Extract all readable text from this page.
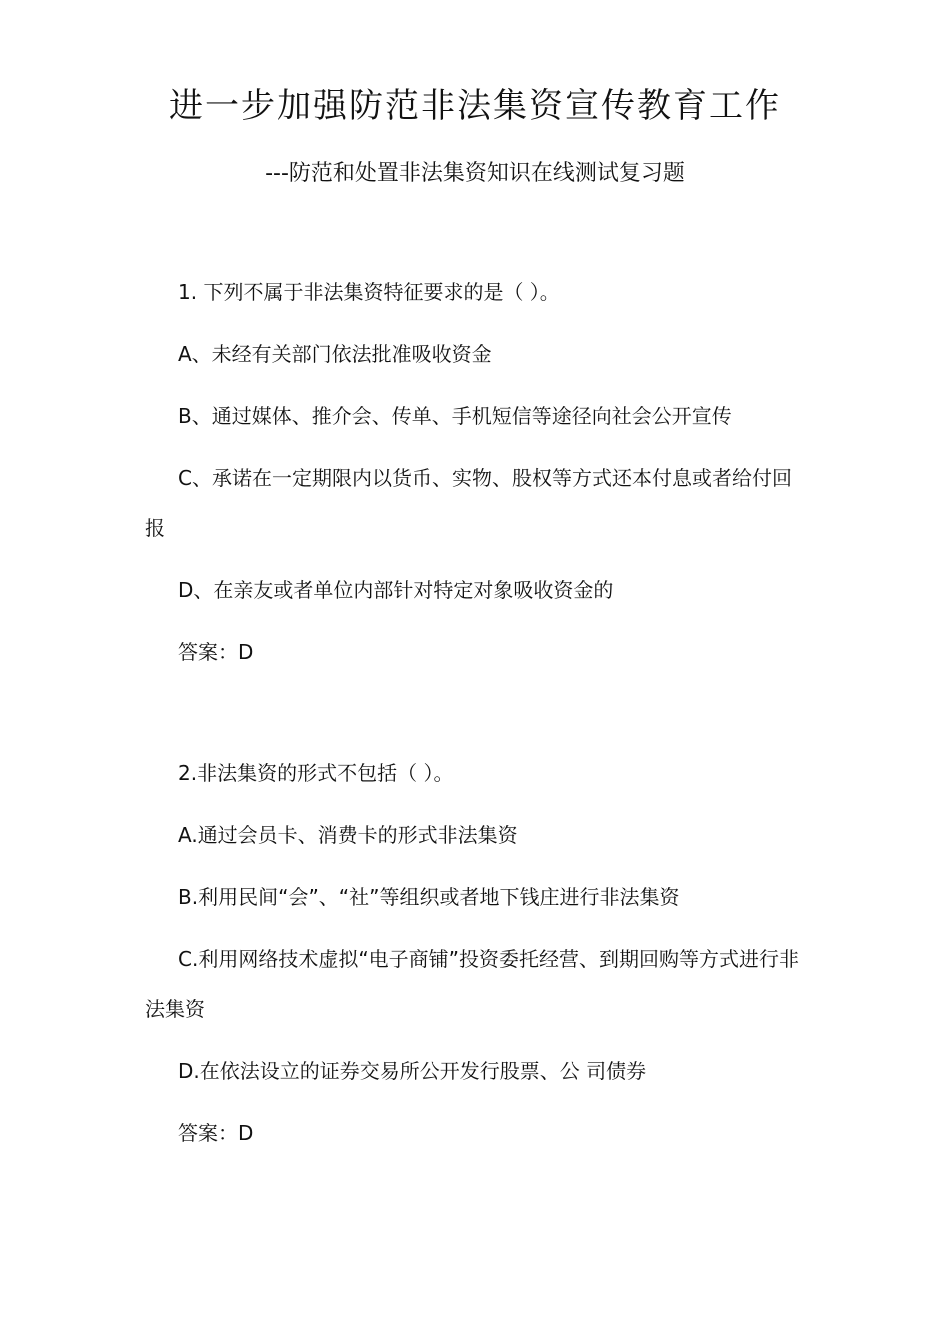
进一步加强防范非法集资宣传教育工作
---防范和处置非法集资知识在线测试复习题

1. 下列不属于非法集资特征要求的是（ ）。

A、未经有关部门依法批准吸收资金

B、通过媒体、推介会、传单、手机短信等途径向社会公开宣传

C、承诺在一定期限内以货币、实物、股权等方式还本付息或者给付回报

D、在亲友或者单位内部针对特定对象吸收资金的

答案：D

2.非法集资的形式不包括（ ）。

A.通过会员卡、消费卡的形式非法集资

B.利用民间“会”、“社”等组织或者地下钱庄进行非法集资

C.利用网络技术虚拟“电子商铺”投资委托经营、到期回购等方式进行非法集资

D.在依法设立的证券交易所公开发行股票、公 司债券

答案：D
